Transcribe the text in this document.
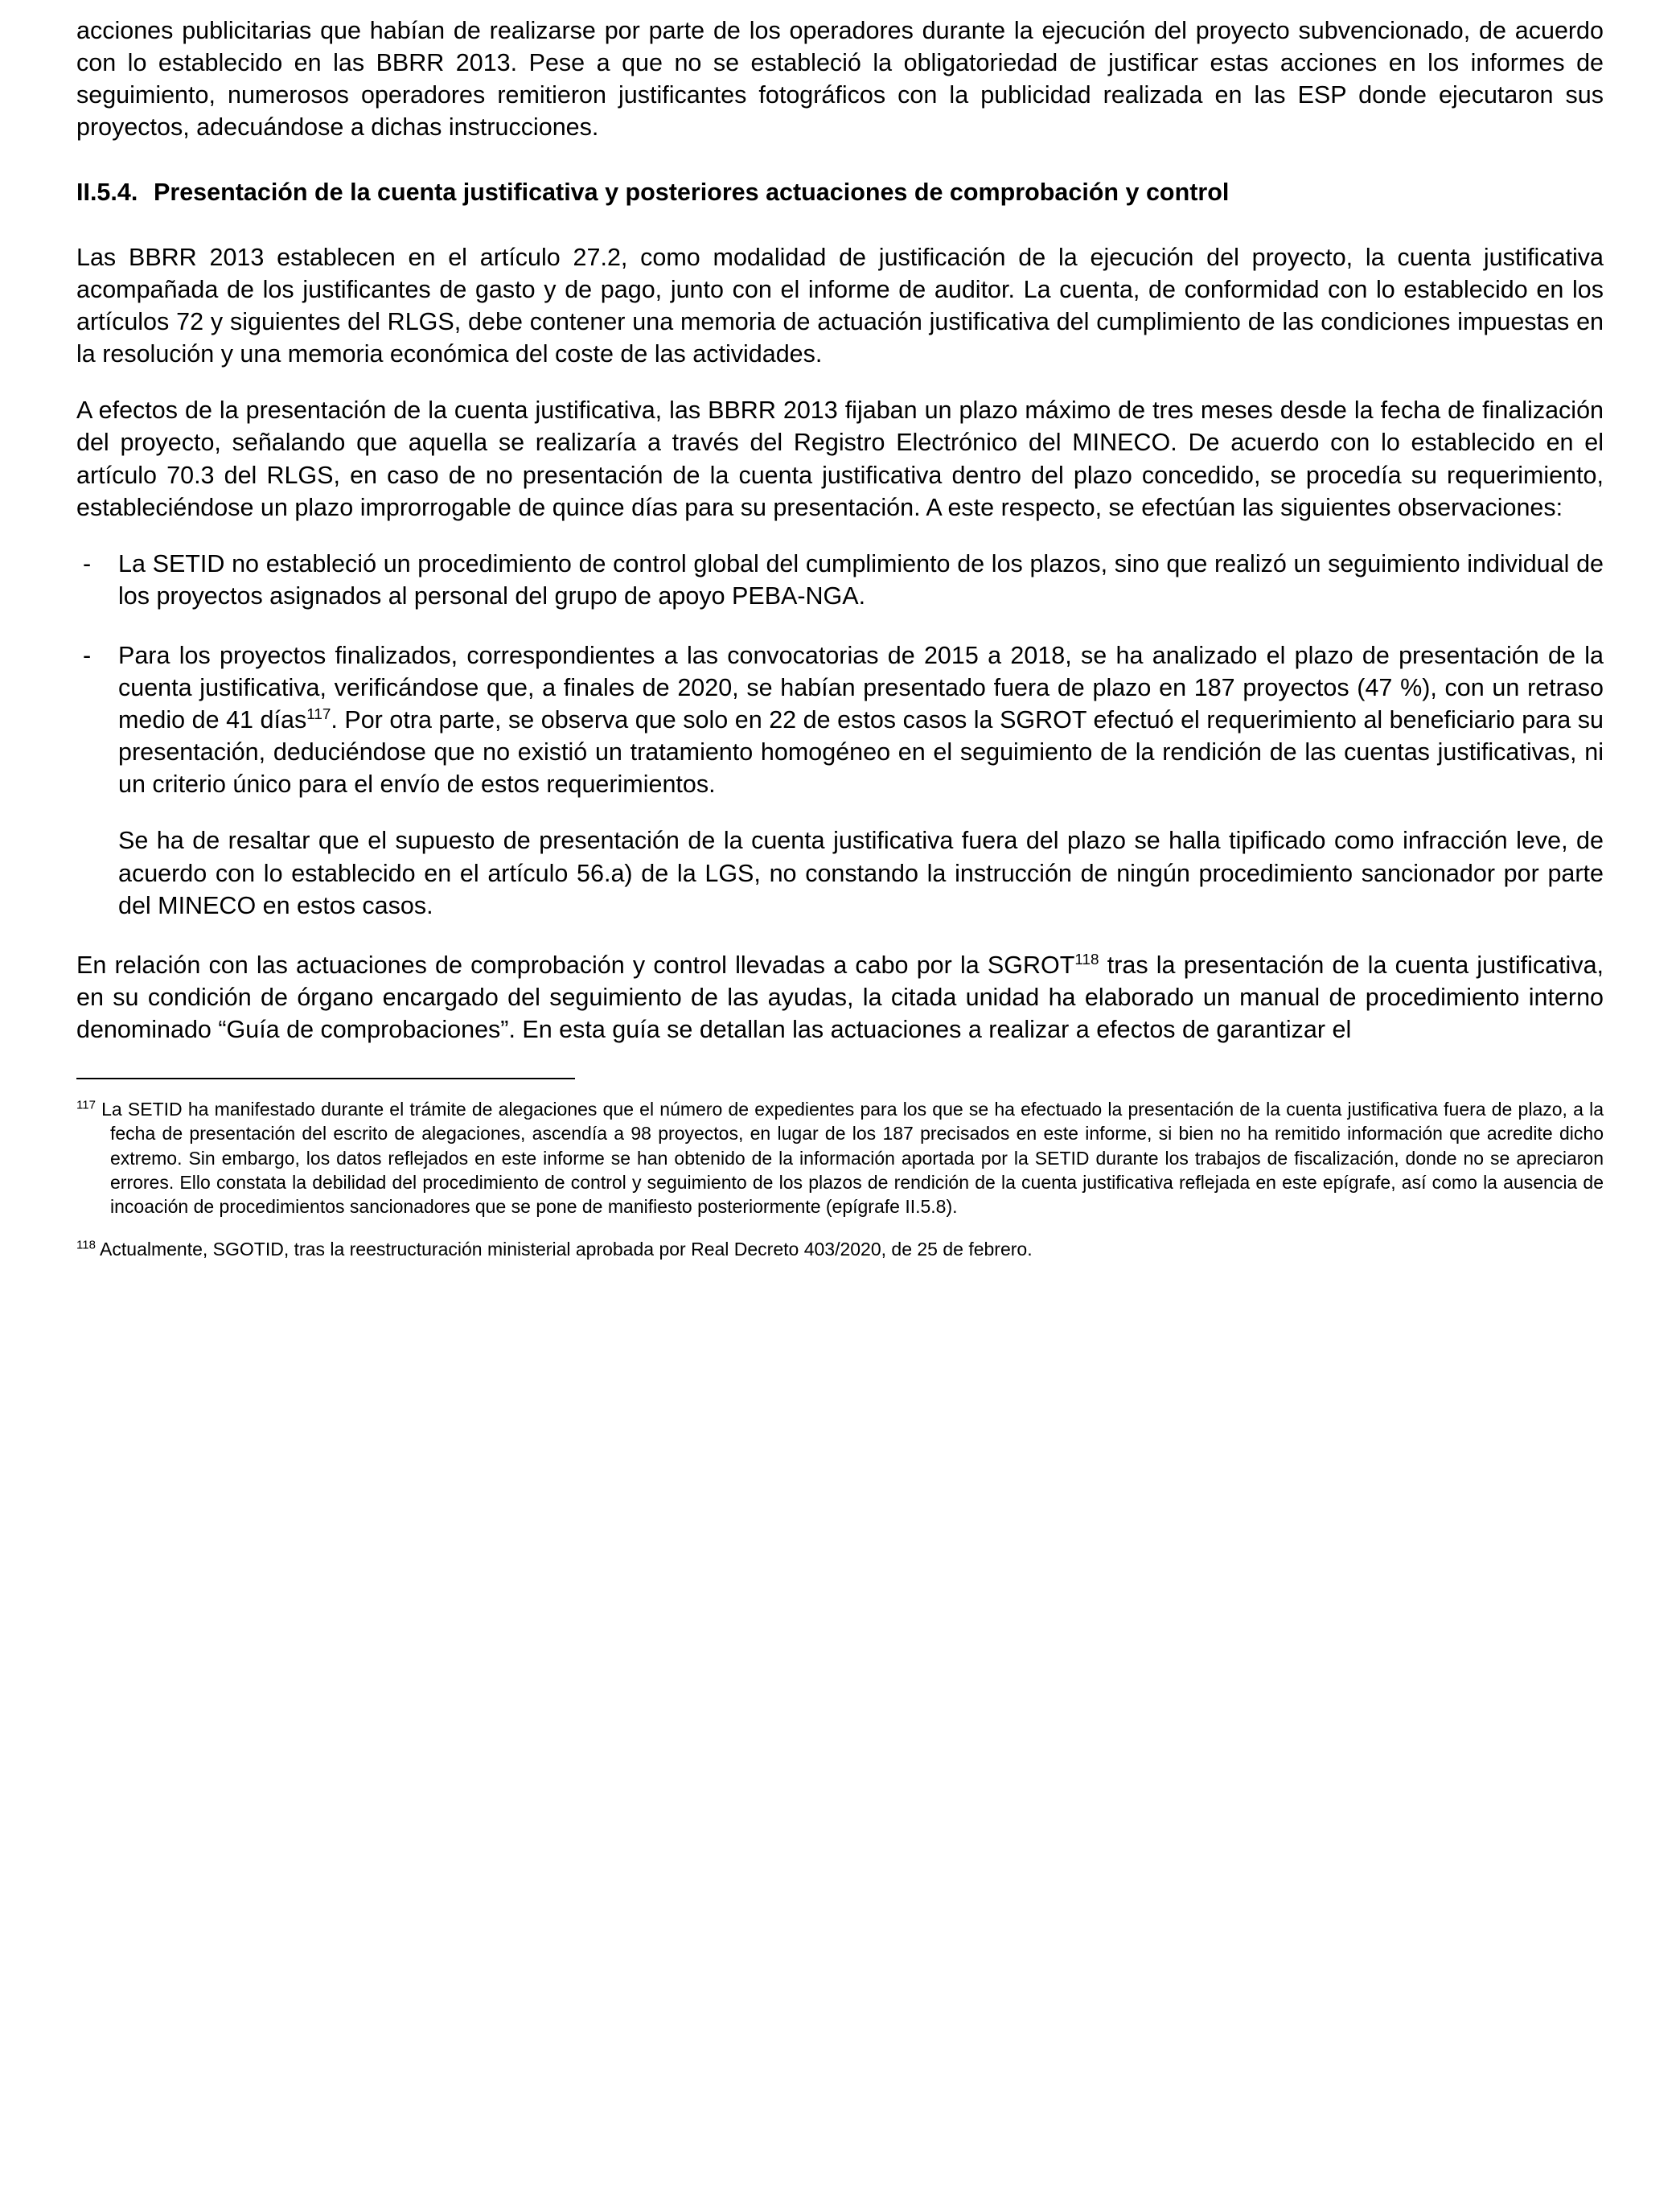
acciones publicitarias que habían de realizarse por parte de los operadores durante la ejecución del proyecto subvencionado, de acuerdo con lo establecido en las BBRR 2013. Pese a que no se estableció la obligatoriedad de justificar estas acciones en los informes de seguimiento, numerosos operadores remitieron justificantes fotográficos con la publicidad realizada en las ESP donde ejecutaron sus proyectos, adecuándose a dichas instrucciones.

II.5.4. Presentación de la cuenta justificativa y posteriores actuaciones de comprobación y control

Las BBRR 2013 establecen en el artículo 27.2, como modalidad de justificación de la ejecución del proyecto, la cuenta justificativa acompañada de los justificantes de gasto y de pago, junto con el informe de auditor. La cuenta, de conformidad con lo establecido en los artículos 72 y siguientes del RLGS, debe contener una memoria de actuación justificativa del cumplimiento de las condiciones impuestas en la resolución y una memoria económica del coste de las actividades.

A efectos de la presentación de la cuenta justificativa, las BBRR 2013 fijaban un plazo máximo de tres meses desde la fecha de finalización del proyecto, señalando que aquella se realizaría a través del Registro Electrónico del MINECO. De acuerdo con lo establecido en el artículo 70.3 del RLGS, en caso de no presentación de la cuenta justificativa dentro del plazo concedido, se procedía su requerimiento, estableciéndose un plazo improrrogable de quince días para su presentación. A este respecto, se efectúan las siguientes observaciones:

-	La SETID no estableció un procedimiento de control global del cumplimiento de los plazos, sino que realizó un seguimiento individual de los proyectos asignados al personal del grupo de apoyo PEBA-NGA.
-	Para los proyectos finalizados, correspondientes a las convocatorias de 2015 a 2018, se ha analizado el plazo de presentación de la cuenta justificativa, verificándose que, a finales de 2020, se habían presentado fuera de plazo en 187 proyectos (47 %), con un retraso medio de 41 días$^{117}$. Por otra parte, se observa que solo en 22 de estos casos la SGROT efectuó el requerimiento al beneficiario para su presentación, deduciéndose que no existió un tratamiento homogéneo en el seguimiento de la rendición de las cuentas justificativas, ni un criterio único para el envío de estos requerimientos.
Se ha de resaltar que el supuesto de presentación de la cuenta justificativa fuera del plazo se halla tipificado como infracción leve, de acuerdo con lo establecido en el artículo 56.a) de la LGS, no constando la instrucción de ningún procedimiento sancionador por parte del MINECO en estos casos.

En relación con las actuaciones de comprobación y control llevadas a cabo por la SGROT$^{118}$ tras la presentación de la cuenta justificativa, en su condición de órgano encargado del seguimiento de las ayudas, la citada unidad ha elaborado un manual de procedimiento interno denominado “Guía de comprobaciones”. En esta guía se detallan las actuaciones a realizar a efectos de garantizar el

$^{117}$ La SETID ha manifestado durante el trámite de alegaciones que el número de expedientes para los que se ha efectuado la presentación de la cuenta justificativa fuera de plazo, a la fecha de presentación del escrito de alegaciones, ascendía a 98 proyectos, en lugar de los 187 precisados en este informe, si bien no ha remitido información que acredite dicho extremo. Sin embargo, los datos reflejados en este informe se han obtenido de la información aportada por la SETID durante los trabajos de fiscalización, donde no se apreciaron errores. Ello constata la debilidad del procedimiento de control y seguimiento de los plazos de rendición de la cuenta justificativa reflejada en este epígrafe, así como la ausencia de incoación de procedimientos sancionadores que se pone de manifiesto posteriormente (epígrafe II.5.8).

$^{118}$ Actualmente, SGOTID, tras la reestructuración ministerial aprobada por Real Decreto 403/2020, de 25 de febrero.
